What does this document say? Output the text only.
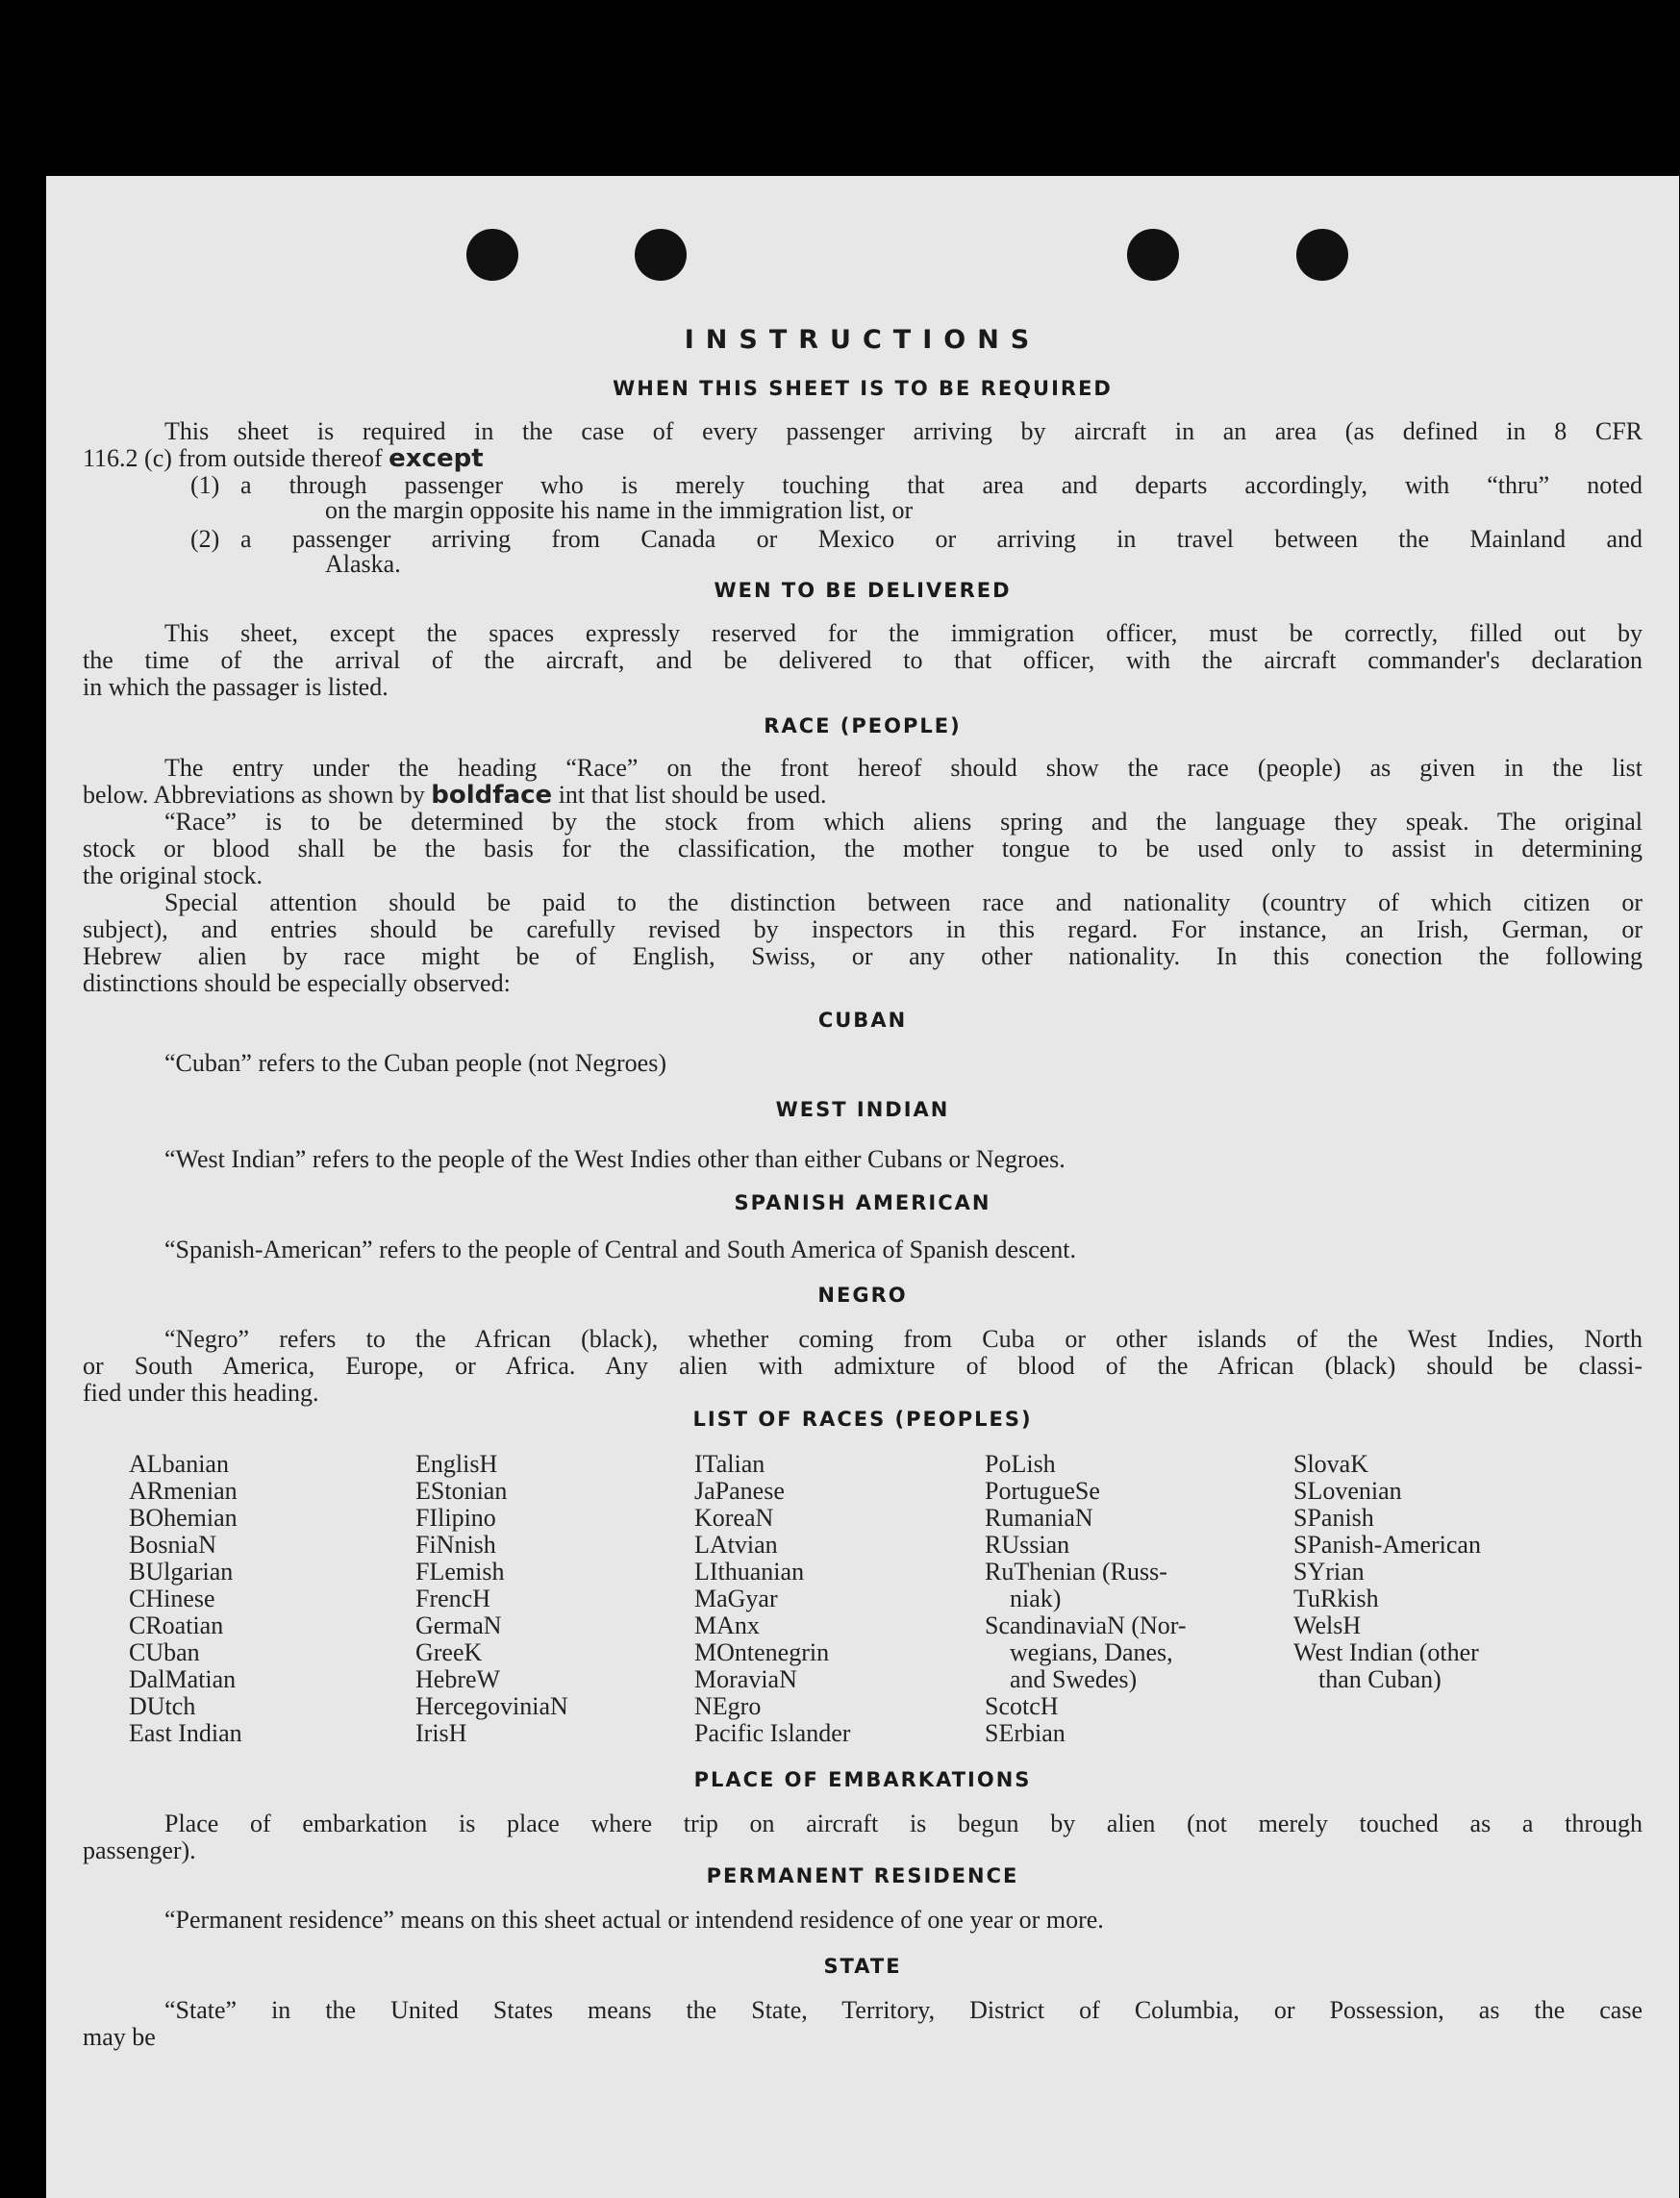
INSTRUCTIONS
WHEN THIS SHEET IS TO BE REQUIRED
This sheet is required in the case of every passenger arriving by aircraft in an area (as defined in 8 CFR
116.2 (c) from outside thereof except
(1) a through passenger who is merely touching that area and departs accordingly, with “thru” noted
on the margin opposite his name in the immigration list, or
(2) a passenger arriving from Canada or Mexico or arriving in travel between the Mainland and
Alaska.
WEN TO BE DELIVERED
This sheet, except the spaces expressly reserved for the immigration officer, must be correctly, filled out by
the time of the arrival of the aircraft, and be delivered to that officer, with the aircraft commander's declaration
in which the passager is listed.
RACE (PEOPLE)
The entry under the heading “Race” on the front hereof should show the race (people) as given in the list
below. Abbreviations as shown by boldface int that list should be used.
“Race” is to be determined by the stock from which aliens spring and the language they speak. The original
stock or blood shall be the basis for the classification, the mother tongue to be used only to assist in determining
the original stock.
Special attention should be paid to the distinction between race and nationality (country of which citizen or
subject), and entries should be carefully revised by inspectors in this regard. For instance, an Irish, German, or
Hebrew alien by race might be of English, Swiss, or any other nationality. In this conection the following
distinctions should be especially observed:
CUBAN
“Cuban” refers to the Cuban people (not Negroes)
WEST INDIAN
“West Indian” refers to the people of the West Indies other than either Cubans or Negroes.
SPANISH AMERICAN
“Spanish-American” refers to the people of Central and South America of Spanish descent.
NEGRO
“Negro” refers to the African (black), whether coming from Cuba or other islands of the West Indies, North
or South America, Europe, or Africa. Any alien with admixture of blood of the African (black) should be classi-
fied under this heading.
LIST OF RACES (PEOPLES)
ALbanian
ARmenian
BOhemian
BosniaN
BUlgarian
CHinese
CRoatian
CUban
DalMatian
DUtch
East Indian
EnglisH
EStonian
FIlipino
FiNnish
FLemish
FrencH
GermaN
GreeK
HebreW
HercegoviniaN
IrisH
ITalian
JaPanese
KoreaN
LAtvian
LIthuanian
MaGyar
MAnx
MOntenegrin
MoraviaN
NEgro
Pacific Islander
PoLish
PortugueSe
RumaniaN
RUssian
RuThenian (Russ-
niak)
ScandinaviaN (Nor-
wegians, Danes,
and Swedes)
ScotcH
SErbian
SlovaK
SLovenian
SPanish
SPanish-American
SYrian
TuRkish
WelsH
West Indian (other
than Cuban)
PLACE OF EMBARKATIONS
Place of embarkation is place where trip on aircraft is begun by alien (not merely touched as a through
passenger).
PERMANENT RESIDENCE
“Permanent residence” means on this sheet actual or intendend residence of one year or more.
STATE
“State” in the United States means the State, Territory, District of Columbia, or Possession, as the case
may be
